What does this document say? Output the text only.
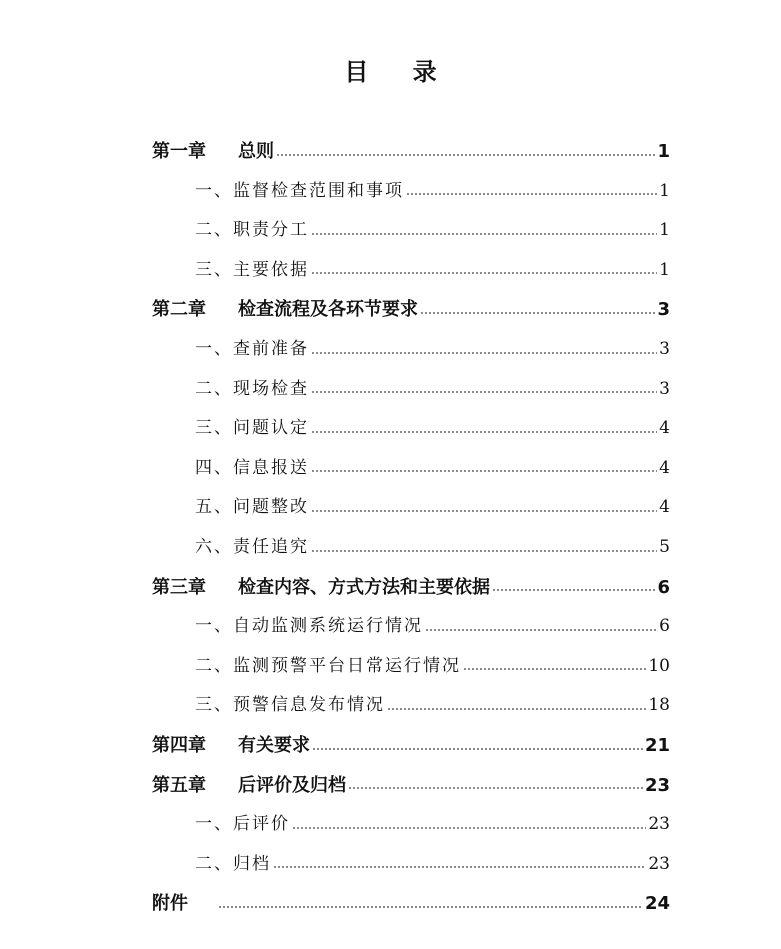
目 录
第一章	总则	1
一、监督检查范围和事项	1
二、职责分工	1
三、主要依据	1
第二章	检查流程及各环节要求	3
一、查前准备	3
二、现场检查	3
三、问题认定	4
四、信息报送	4
五、问题整改	4
六、责任追究	5
第三章	检查内容、方式方法和主要依据	6
一、自动监测系统运行情况	6
二、监测预警平台日常运行情况	10
三、预警信息发布情况	18
第四章	有关要求	21
第五章	后评价及归档	23
一、后评价	23
二、归档	23
附件	24
